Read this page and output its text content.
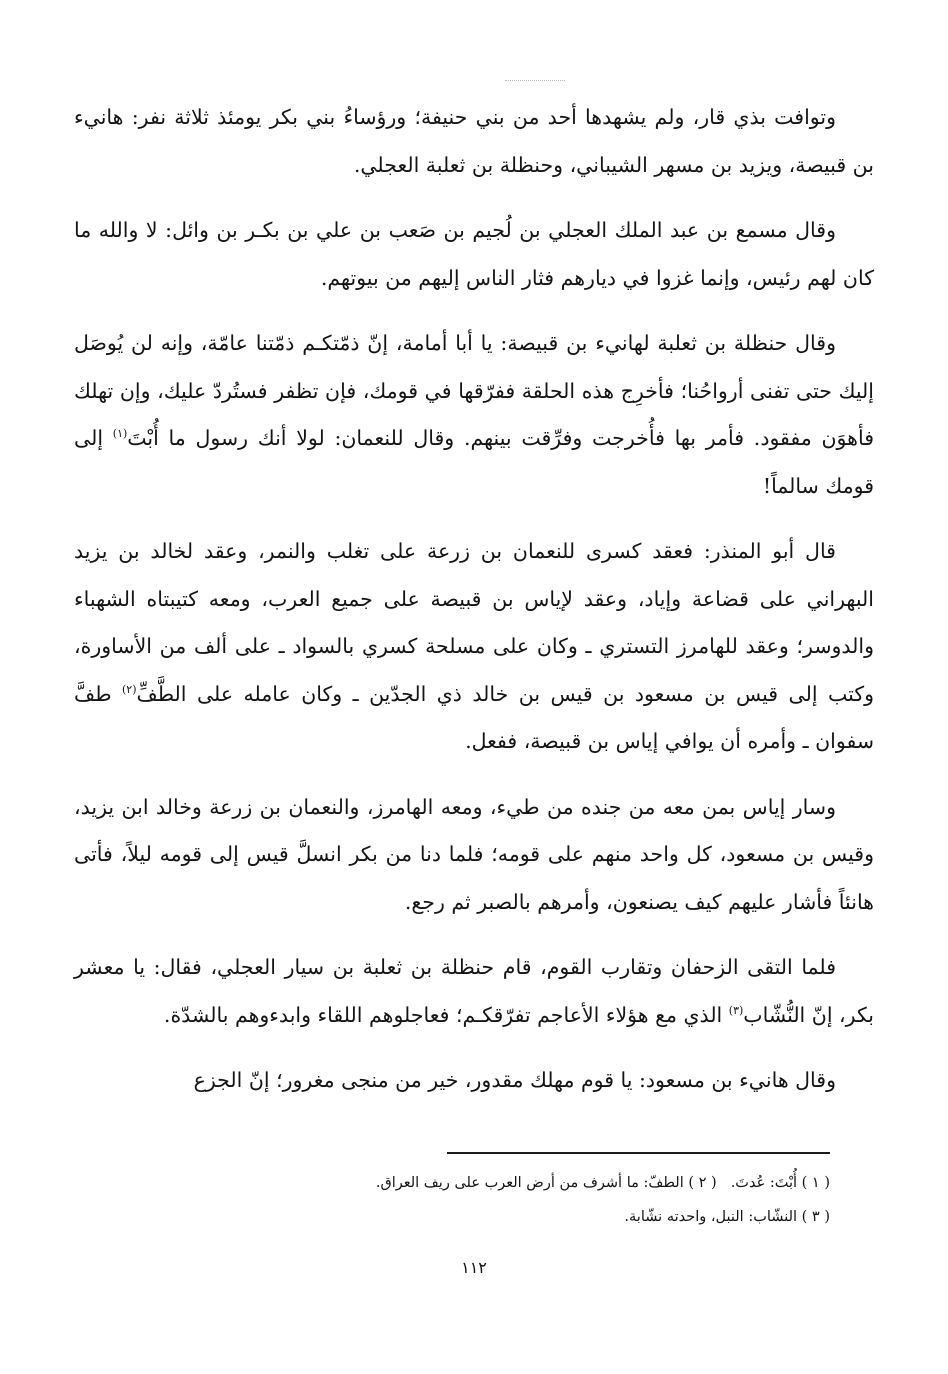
وتوافت بذي قار، ولم يشهدها أحد من بني حنيفة؛ ورؤساءُ بني بكر يومئذ ثلاثة نفر: هانيء بن قبيصة، ويزيد بن مسهر الشيباني، وحنظلة بن ثعلبة العجلي.

وقال مسمع بن عبد الملك العجلي بن لُجيم بن صَعب بن علي بن بكـر بن وائل: لا والله ما كان لهم رئيس، وإنما غزوا في ديارهم فثار الناس إليهم من بيوتهم.

وقال حنظلة بن ثعلبة لهانيء بن قبيصة: يا أبا أمامة، إنّ ذمّتكـم ذمّتنا عامّة، وإنه لن يُوصَل إليك حتى تفنى أرواحُنا؛ فأخرِج هذه الحلقة ففرّقها في قومك، فإن تظفر فستُردّ عليك، وإن تهلك فأهوَن مفقود. فأمر بها فأُخرجت وفرِّقت بينهم. وقال للنعمان: لولا أنك رسول ما أُبْتَ$^{(١)}$ إلى قومك سالماً!

قال أبو المنذر: فعقد كسرى للنعمان بن زرعة على تغلب والنمر، وعقد لخالد بن يزيد البهراني على قضاعة وإياد، وعقد لإياس بن قبيصة على جميع العرب، ومعه كتيبتاه الشهباء والدوسر؛ وعقد للهامرز التستري ـ وكان على مسلحة كسري بالسواد ـ على ألف من الأساورة، وكتب إلى قيس بن مسعود بن قيس بن خالد ذي الجدّين ـ وكان عامله على الطَّفِّ$^{(٢)}$ طفَّ سفوان ـ وأمره أن يوافي إياس بن قبيصة، ففعل.

وسار إياس بمن معه من جنده من طيء، ومعه الهامرز، والنعمان بن زرعة وخالد ابن يزيد، وقيس بن مسعود، كل واحد منهم على قومه؛ فلما دنا من بكر انسلَّ قيس إلى قومه ليلاً، فأتى هانئاً فأشار عليهم كيف يصنعون، وأمرهم بالصبر ثم رجع.

فلما التقى الزحفان وتقارب القوم، قام حنظلة بن ثعلبة بن سيار العجلي، فقال: يا معشر بكر، إنّ النُّشّاب$^{(٣)}$ الذي مع هؤلاء الأعاجم تفرّقكـم؛ فعاجلوهم اللقاء وابدءوهم بالشدّة.

وقال هانيء بن مسعود: يا قوم مهلك مقدور، خير من منجى مغرور؛ إنّ الجزع

( ١ ) أُبْتَ: عُدتَ.( ٢ ) الطفّ: ما أشرف من أرض العرب على ريف العراق.

( ٣ ) النشّاب: النبل، واحدته نشّابة.

١١٢
